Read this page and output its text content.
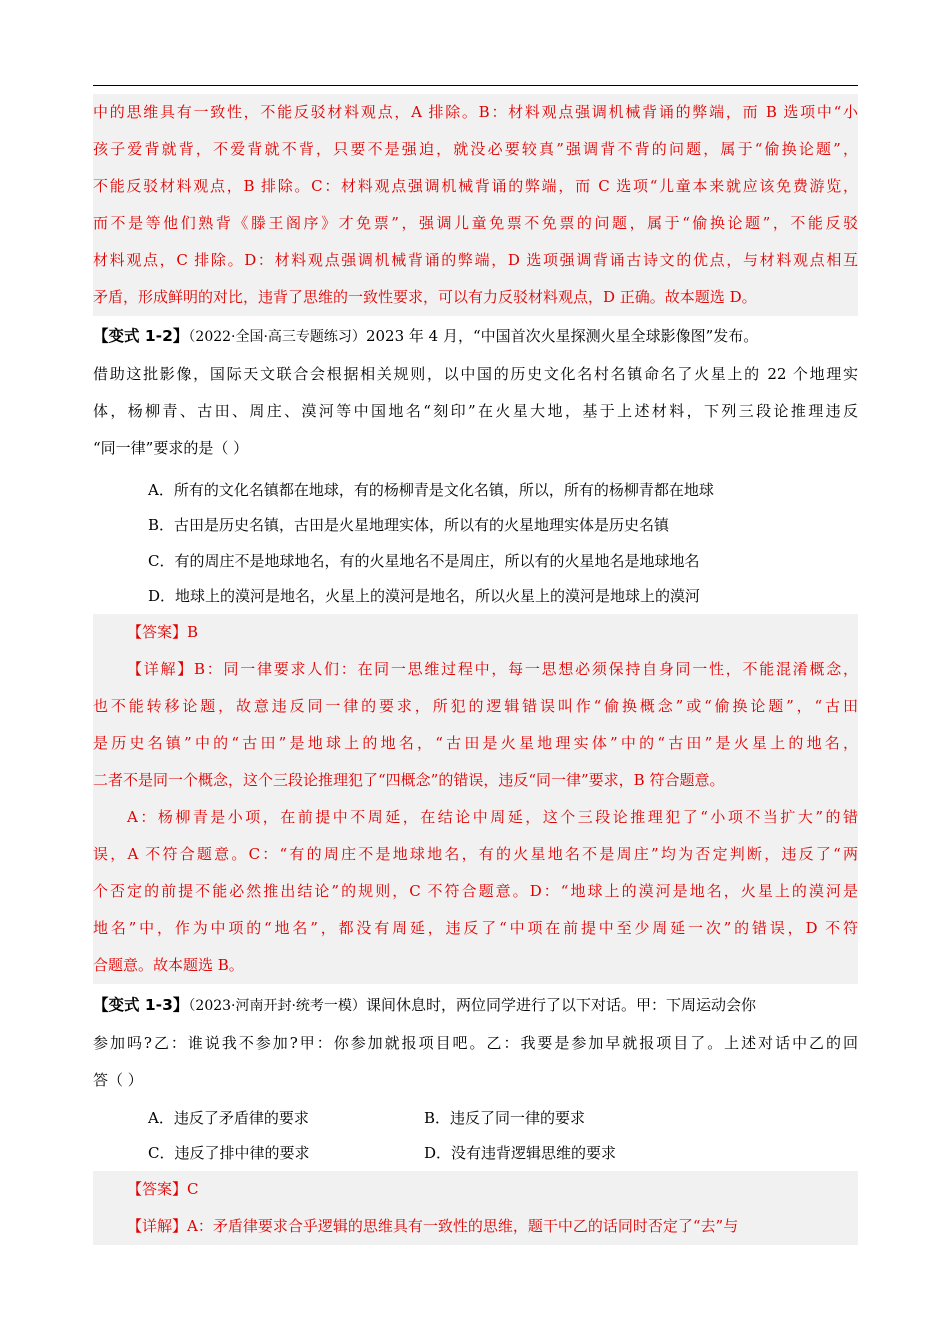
中的思维具有一致性，不能反驳材料观点，A 排除。B：材料观点强调机械背诵的弊端，而 B 选项中“小
孩子爱背就背，不爱背就不背，只要不是强迫，就没必要较真”强调背不背的问题，属于“偷换论题”，
不能反驳材料观点，B 排除。C：材料观点强调机械背诵的弊端，而 C 选项“儿童本来就应该免费游览，
而不是等他们熟背《滕王阁序》才免票”，强调儿童免票不免票的问题，属于“偷换论题”，不能反驳
材料观点，C 排除。D：材料观点强调机械背诵的弊端，D 选项强调背诵古诗文的优点，与材料观点相互
矛盾，形成鲜明的对比，违背了思维的一致性要求，可以有力反驳材料观点，D 正确。故本题选 D。
【变式 1-2】（2022·全国·高三专题练习）2023 年 4 月，“中国首次火星探测火星全球影像图”发布。
借助这批影像，国际天文联合会根据相关规则，以中国的历史文化名村名镇命名了火星上的 22 个地理实
体，杨柳青、古田、周庄、漠河等中国地名“刻印”在火星大地，基于上述材料，下列三段论推理违反
“同一律”要求的是（ ）
A．所有的文化名镇都在地球，有的杨柳青是文化名镇，所以，所有的杨柳青都在地球
B．古田是历史名镇，古田是火星地理实体，所以有的火星地理实体是历史名镇
C．有的周庄不是地球地名，有的火星地名不是周庄，所以有的火星地名是地球地名
D．地球上的漠河是地名，火星上的漠河是地名，所以火星上的漠河是地球上的漠河
【答案】B
【详解】B：同一律要求人们：在同一思维过程中，每一思想必须保持自身同一性，不能混淆概念，
也不能转移论题，故意违反同一律的要求，所犯的逻辑错误叫作“偷换概念”或“偷换论题”，“古田
是历史名镇”中的“古田”是地球上的地名，“古田是火星地理实体”中的“古田”是火星上的地名，
二者不是同一个概念，这个三段论推理犯了“四概念”的错误，违反“同一律”要求，B 符合题意。
A：杨柳青是小项，在前提中不周延，在结论中周延，这个三段论推理犯了“小项不当扩大”的错
误，A 不符合题意。C：“有的周庄不是地球地名，有的火星地名不是周庄”均为否定判断，违反了“两
个否定的前提不能必然推出结论”的规则，C 不符合题意。D：“地球上的漠河是地名，火星上的漠河是
地名”中，作为中项的“地名”，都没有周延，违反了“中项在前提中至少周延一次”的错误，D 不符
合题意。故本题选 B。
【变式 1-3】（2023·河南开封·统考一模）课间休息时，两位同学进行了以下对话。甲：下周运动会你
参加吗?乙：谁说我不参加?甲：你参加就报项目吧。乙：我要是参加早就报项目了。上述对话中乙的回
答（ ）
A．违反了矛盾律的要求	B．违反了同一律的要求
C．违反了排中律的要求	D．没有违背逻辑思维的要求
【答案】C
【详解】A：矛盾律要求合乎逻辑的思维具有一致性的思维，题干中乙的话同时否定了“去”与
